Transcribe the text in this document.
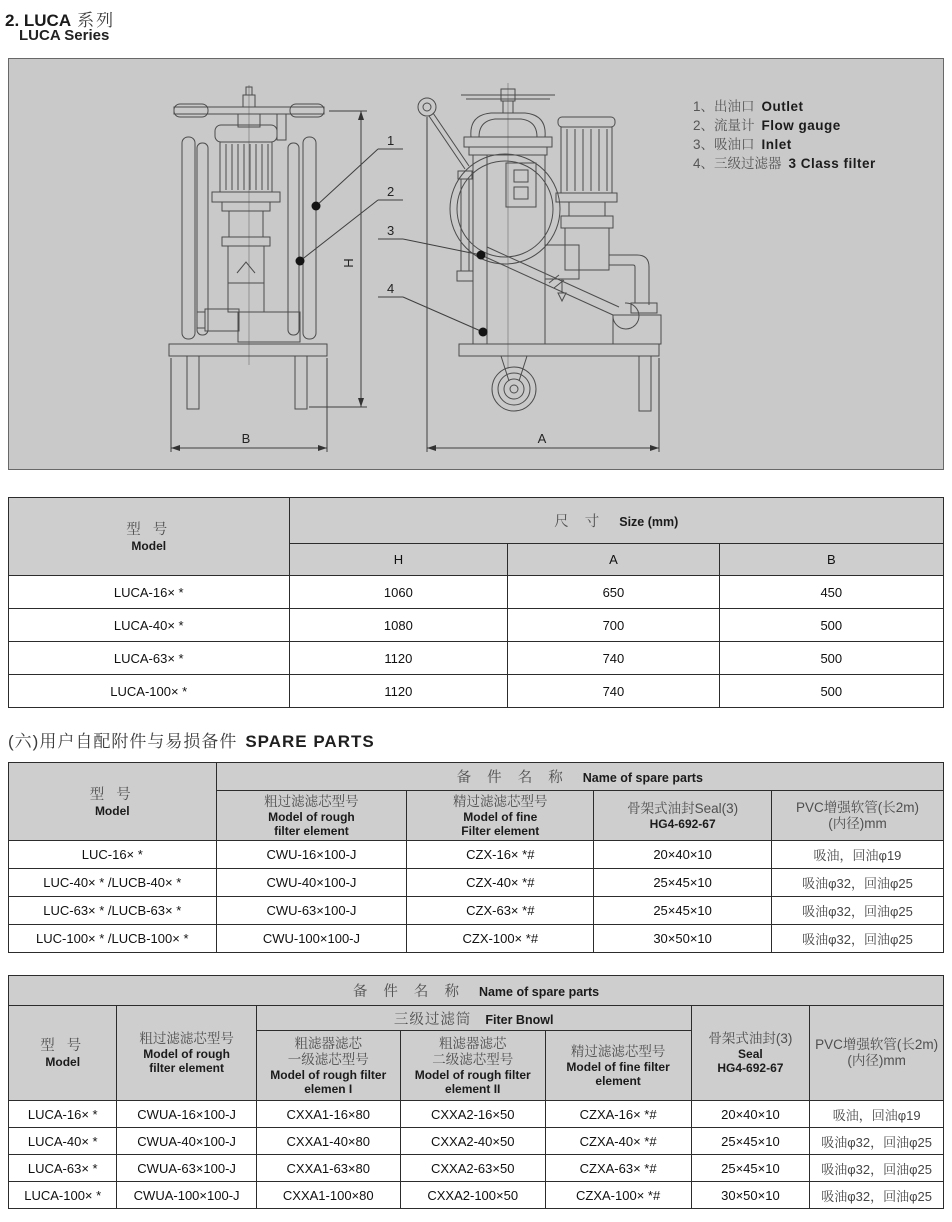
2. LUCA 系列
LUCA Series
H
B	A
1
2
3
4
1、出油口 Outlet
2、流量计 Flow gauge
3、吸油口 Inlet
4、三级过滤器 3 Class filter
型 号
Model	尺 寸 Size (mm)		
	H	A	B
LUCA-16× *	1060	650	450
LUCA-40× *	1080	700	500
LUCA-63× *	1120	740	500
LUCA-100× *	1120	740	500
(六)用户自配附件与易损备件 SPARE PARTS
型 号
Model	备 件 名 称 Name of spare parts			

	粗过滤滤芯型号
Model of rough
filter element	精过滤滤芯型号
Model of fine
Filter element	骨架式油封Seal(3)
HG4-692-67	PVC增强软管(长2m)
(内径)mm

LUC-16× *	CWU-16×100-J	CZX-16× *#	20×40×10	吸油，回油φ19
LUC-40× * /LUCB-40× *	CWU-40×100-J	CZX-40× *#	25×45×10	吸油φ32，回油φ25
LUC-63× * /LUCB-63× *	CWU-63×100-J	CZX-63× *#	25×45×10	吸油φ32，回油φ25
LUC-100× * /LUCB-100× *	CWU-100×100-J	CZX-100× *#	30×50×10	吸油φ32，回油φ25
备 件 名 称 Name of spare parts						

型 号
Model	粗过滤滤芯型号
Model of rough
filter element	三级过滤筒 Fiter Bnowl			骨架式油封(3)
Seal
HG4-692-67	PVC增强软管(长2m)
(内径)mm

		粗滤器滤芯
一级滤芯型号
Model of rough filter
elemen I	粗滤器滤芯
二级滤芯型号
Model of rough filter
element II	精过滤滤芯型号
Model of fine filter
element		

LUCA-16× *	CWUA-16×100-J	CXXA1-16×80	CXXA2-16×50	CZXA-16× *#	20×40×10	吸油，回油φ19
LUCA-40× *	CWUA-40×100-J	CXXA1-40×80	CXXA2-40×50	CZXA-40× *#	25×45×10	吸油φ32，回油φ25
LUCA-63× *	CWUA-63×100-J	CXXA1-63×80	CXXA2-63×50	CZXA-63× *#	25×45×10	吸油φ32，回油φ25
LUCA-100× *	CWUA-100×100-J	CXXA1-100×80	CXXA2-100×50	CZXA-100× *#	30×50×10	吸油φ32，回油φ25
